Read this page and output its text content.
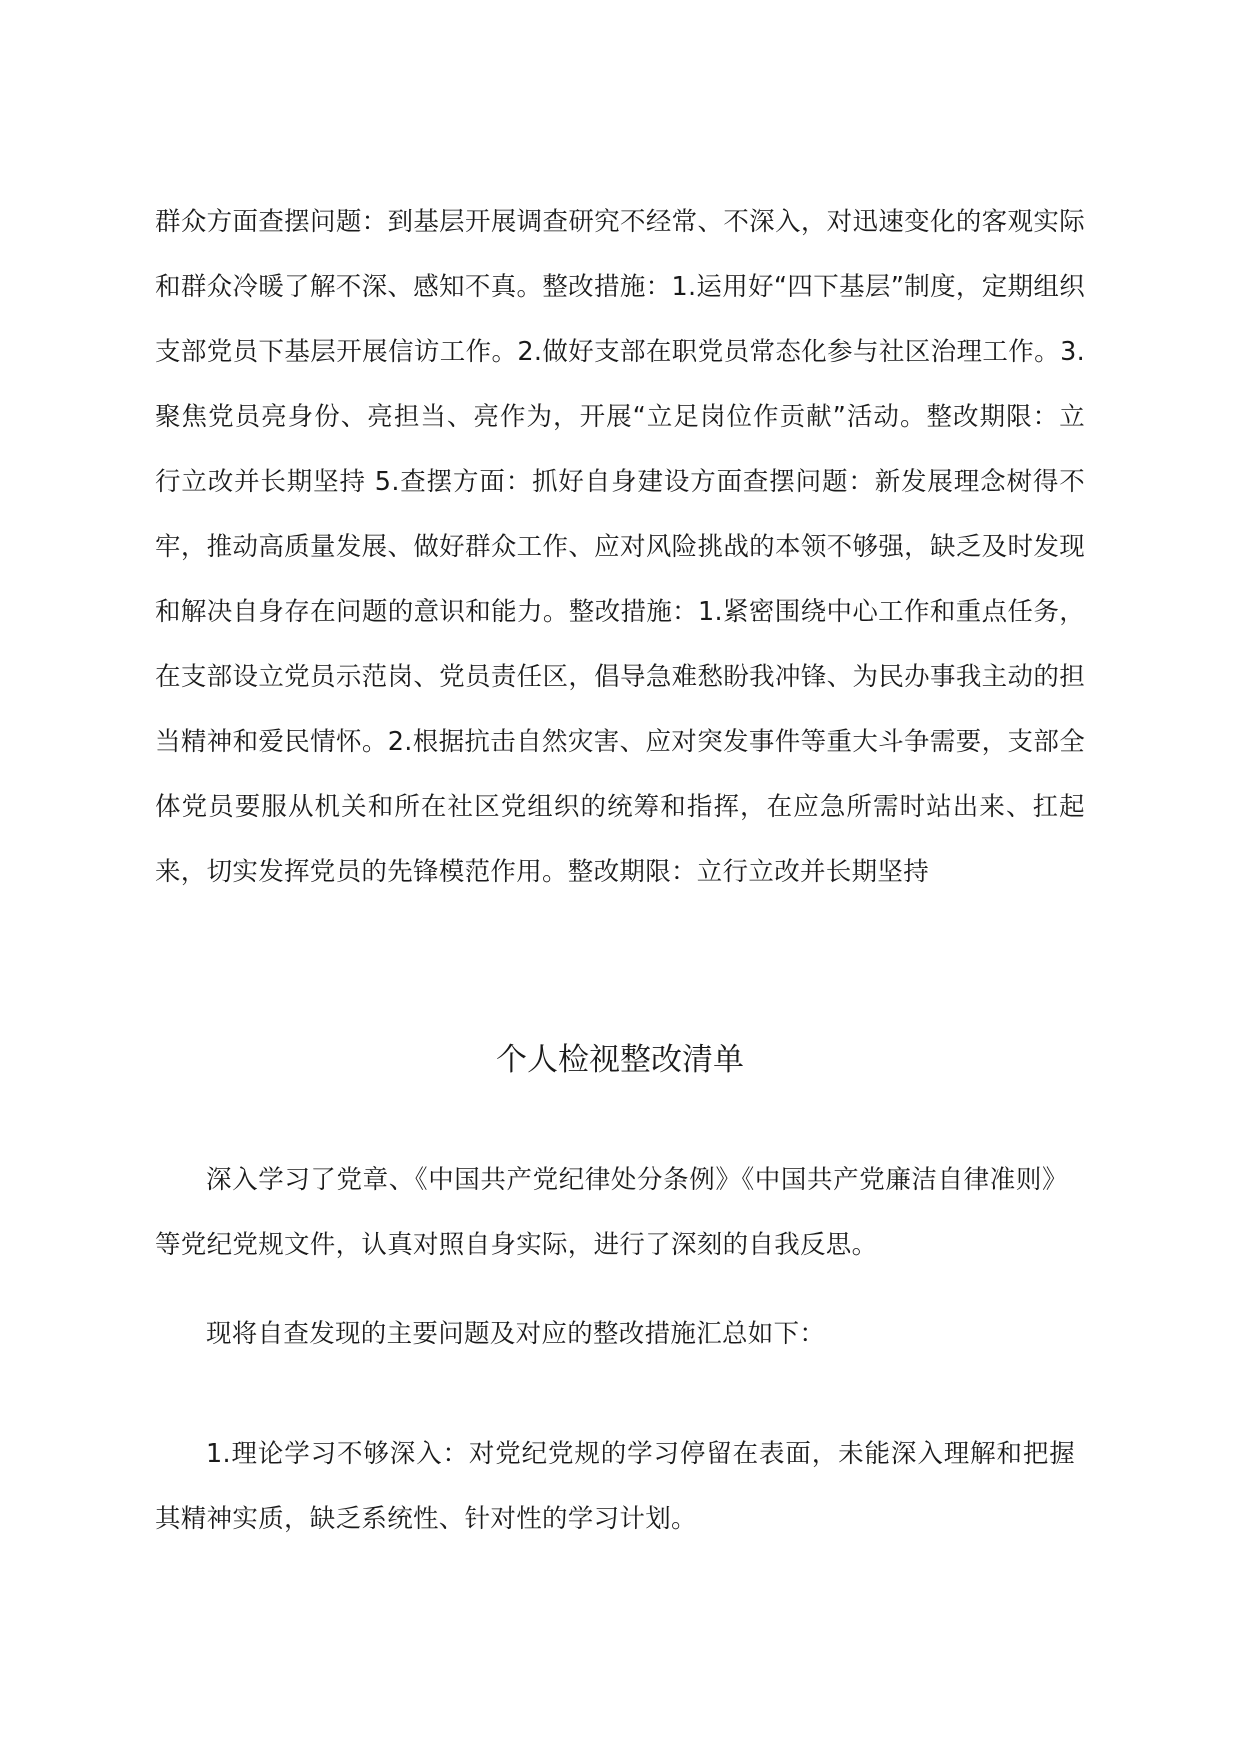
群众方面查摆问题：到基层开展调查研究不经常、不深入，对迅速变化的客观实际和群众冷暖了解不深、感知不真。整改措施：1.运用好“四下基层”制度，定期组织支部党员下基层开展信访工作。2.做好支部在职党员常态化参与社区治理工作。3.聚焦党员亮身份、亮担当、亮作为，开展“立足岗位作贡献”活动。整改期限：立行立改并长期坚持 5.查摆方面：抓好自身建设方面查摆问题：新发展理念树得不牢，推动高质量发展、做好群众工作、应对风险挑战的本领不够强，缺乏及时发现和解决自身存在问题的意识和能力。整改措施：1.紧密围绕中心工作和重点任务，在支部设立党员示范岗、党员责任区，倡导急难愁盼我冲锋、为民办事我主动的担当精神和爱民情怀。2.根据抗击自然灾害、应对突发事件等重大斗争需要，支部全体党员要服从机关和所在社区党组织的统筹和指挥，在应急所需时站出来、扛起来，切实发挥党员的先锋模范作用。整改期限：立行立改并长期坚持

个人检视整改清单

深入学习了党章、《中国共产党纪律处分条例》《中国共产党廉洁自律准则》等党纪党规文件，认真对照自身实际，进行了深刻的自我反思。

现将自查发现的主要问题及对应的整改措施汇总如下：

1.理论学习不够深入：对党纪党规的学习停留在表面，未能深入理解和把握其精神实质，缺乏系统性、针对性的学习计划。
